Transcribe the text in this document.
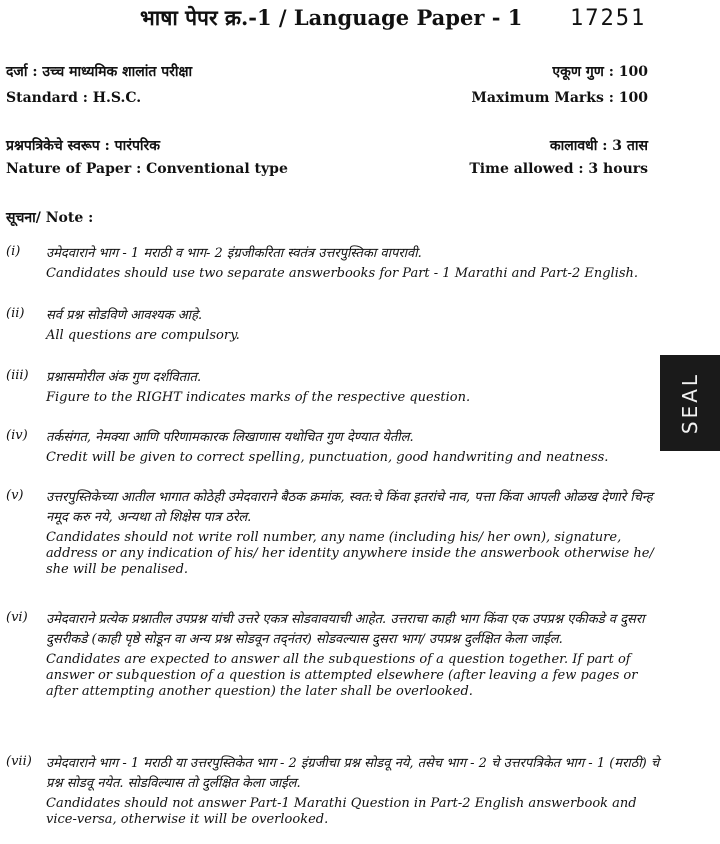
भाषा पेपर क्र.-1 / Language Paper - 1 17251
दर्जा : उच्च माध्यमिक शालांत परीक्षा	एकूण गुण : 100
Standard : H.S.C.	Maximum Marks : 100
प्रश्नपत्रिकेचे स्वरूप : पारंपरिक	कालावधी : 3 तास
Nature of Paper : Conventional type	Time allowed : 3 hours
सूचना/ Note :
(i) उमेदवाराने भाग - 1 मराठी व भाग- 2 इंग्रजीकरिता स्वतंत्र उत्तरपुस्तिका वापरावी.
Candidates should use two separate answerbooks for Part - 1 Marathi and Part-2 English.
(ii) सर्व प्रश्न सोडविणे आवश्यक आहे.
All questions are compulsory.
(iii) प्रश्नासमोरील अंक गुण दर्शवितात.
Figure to the RIGHT indicates marks of the respective question.
(iv) तर्कसंगत, नेमक्या आणि परिणामकारक लिखाणास यथोचित गुण देण्यात येतील.
Credit will be given to correct spelling, punctuation, good handwriting and neatness.
(v) उत्तरपुस्तिकेच्या आतील भागात कोठेही उमेदवाराने बैठक क्रमांक, स्वत:चे किंवा इतरांचे नाव, पत्ता किंवा आपली ओळख देणारे चिन्ह नमूद करु नये, अन्यथा तो शिक्षेस पात्र ठरेल.
Candidates should not write roll number, any name (including his/ her own), signature, address or any indication of his/ her identity anywhere inside the answerbook otherwise he/ she will be penalised.
(vi) उमेदवाराने प्रत्येक प्रश्नातील उपप्रश्न यांची उत्तरे एकत्र सोडवावयाची आहेत. उत्तराचा काही भाग किंवा एक उपप्रश्न एकीकडे व दुसरा दुसरीकडे (काही पृष्ठे सोडून वा अन्य प्रश्न सोडवून तद्नंतर) सोडवल्यास दुसरा भाग/ उपप्रश्न दुर्लक्षित केला जाईल.
Candidates are expected to answer all the subquestions of a question together. If part of answer or subquestion of a question is attempted elsewhere (after leaving a few pages or after attempting another question) the later shall be overlooked.
(vii) उमेदवाराने भाग - 1 मराठी या उत्तरपुस्तिकेत भाग - 2 इंग्रजीचा प्रश्न सोडवू नये, तसेच भाग - 2 चे उत्तरपत्रिकेत भाग - 1 (मराठी) चे प्रश्न सोडवू नयेत. सोडविल्यास तो दुर्लक्षित केला जाईल.
Candidates should not answer Part-1 Marathi Question in Part-2 English answerbook and vice-versa, otherwise it will be overlooked.
SEAL
